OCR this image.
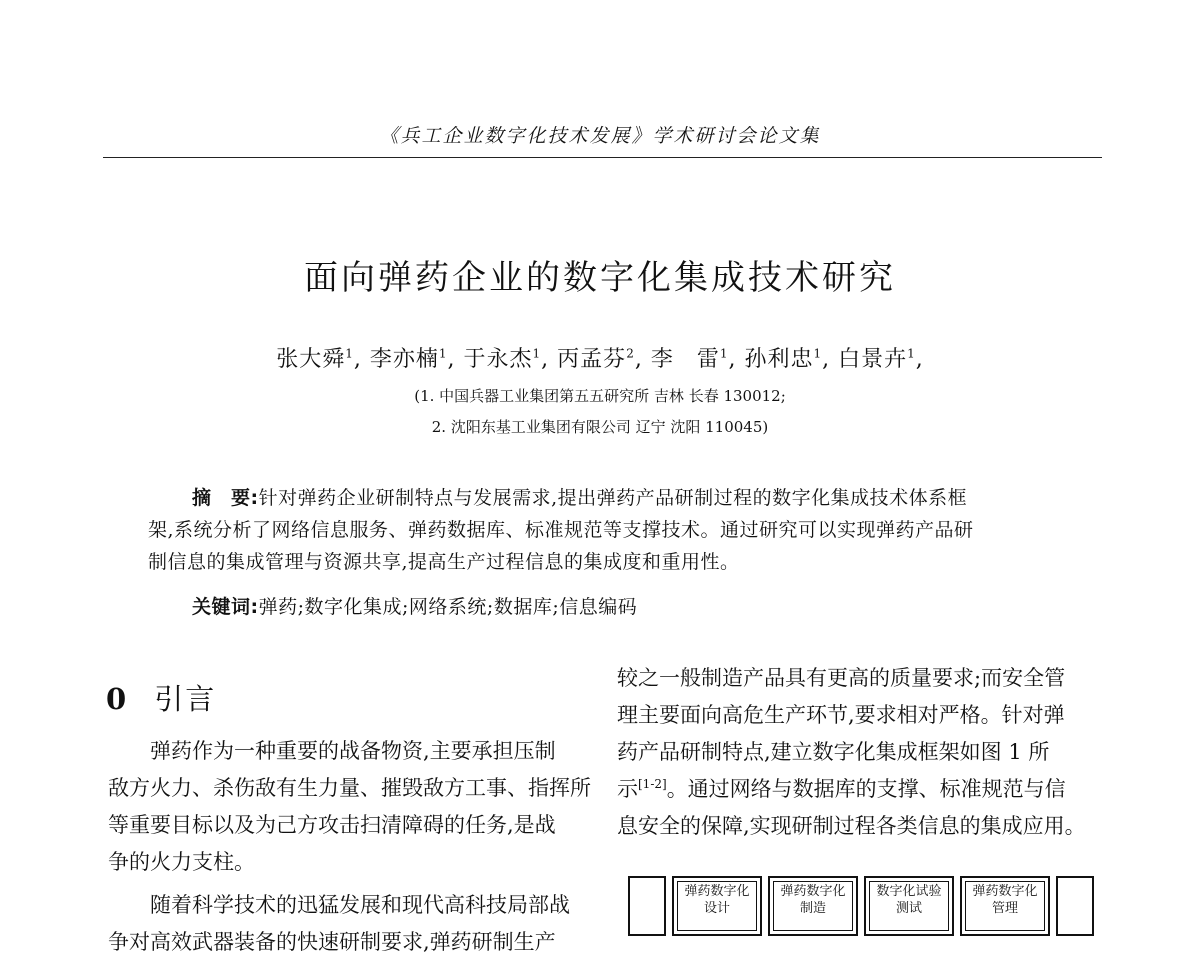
《兵工企业数字化技术发展》学术研讨会论文集
面向弹药企业的数字化集成技术研究
张大舜$^1$, 李亦楠$^1$, 于永杰$^1$, 丙孟芬$^2$, 李　雷$^1$, 孙利忠$^1$, 白景卉$^1$,
(1. 中国兵器工业集团第五五研究所 吉林 长春 130012;
2. 沈阳东基工业集团有限公司 辽宁 沈阳 110045)
摘　要:针对弹药企业研制特点与发展需求,提出弹药产品研制过程的数字化集成技术体系框
架,系统分析了网络信息服务、弹药数据库、标准规范等支撑技术。通过研究可以实现弹药产品研
制信息的集成管理与资源共享,提高生产过程信息的集成度和重用性。
关键词:弹药;数字化集成;网络系统;数据库;信息编码
0 引言
弹药作为一种重要的战备物资,主要承担压制
敌方火力、杀伤敌有生力量、摧毁敌方工事、指挥所
等重要目标以及为己方攻击扫清障碍的任务,是战
争的火力支柱。
随着科学技术的迅猛发展和现代高科技局部战
争对高效武器装备的快速研制要求,弹药研制生产
较之一般制造产品具有更高的质量要求;而安全管
理主要面向高危生产环节,要求相对严格。针对弹
药产品研制特点,建立数字化集成框架如图 1 所
示[1-2]。通过网络与数据库的支撑、标准规范与信
息安全的保障,实现研制过程各类信息的集成应用。
弹药数字化
设计
弹药数字化
制造
数字化试验
测试
弹药数字化
管理
